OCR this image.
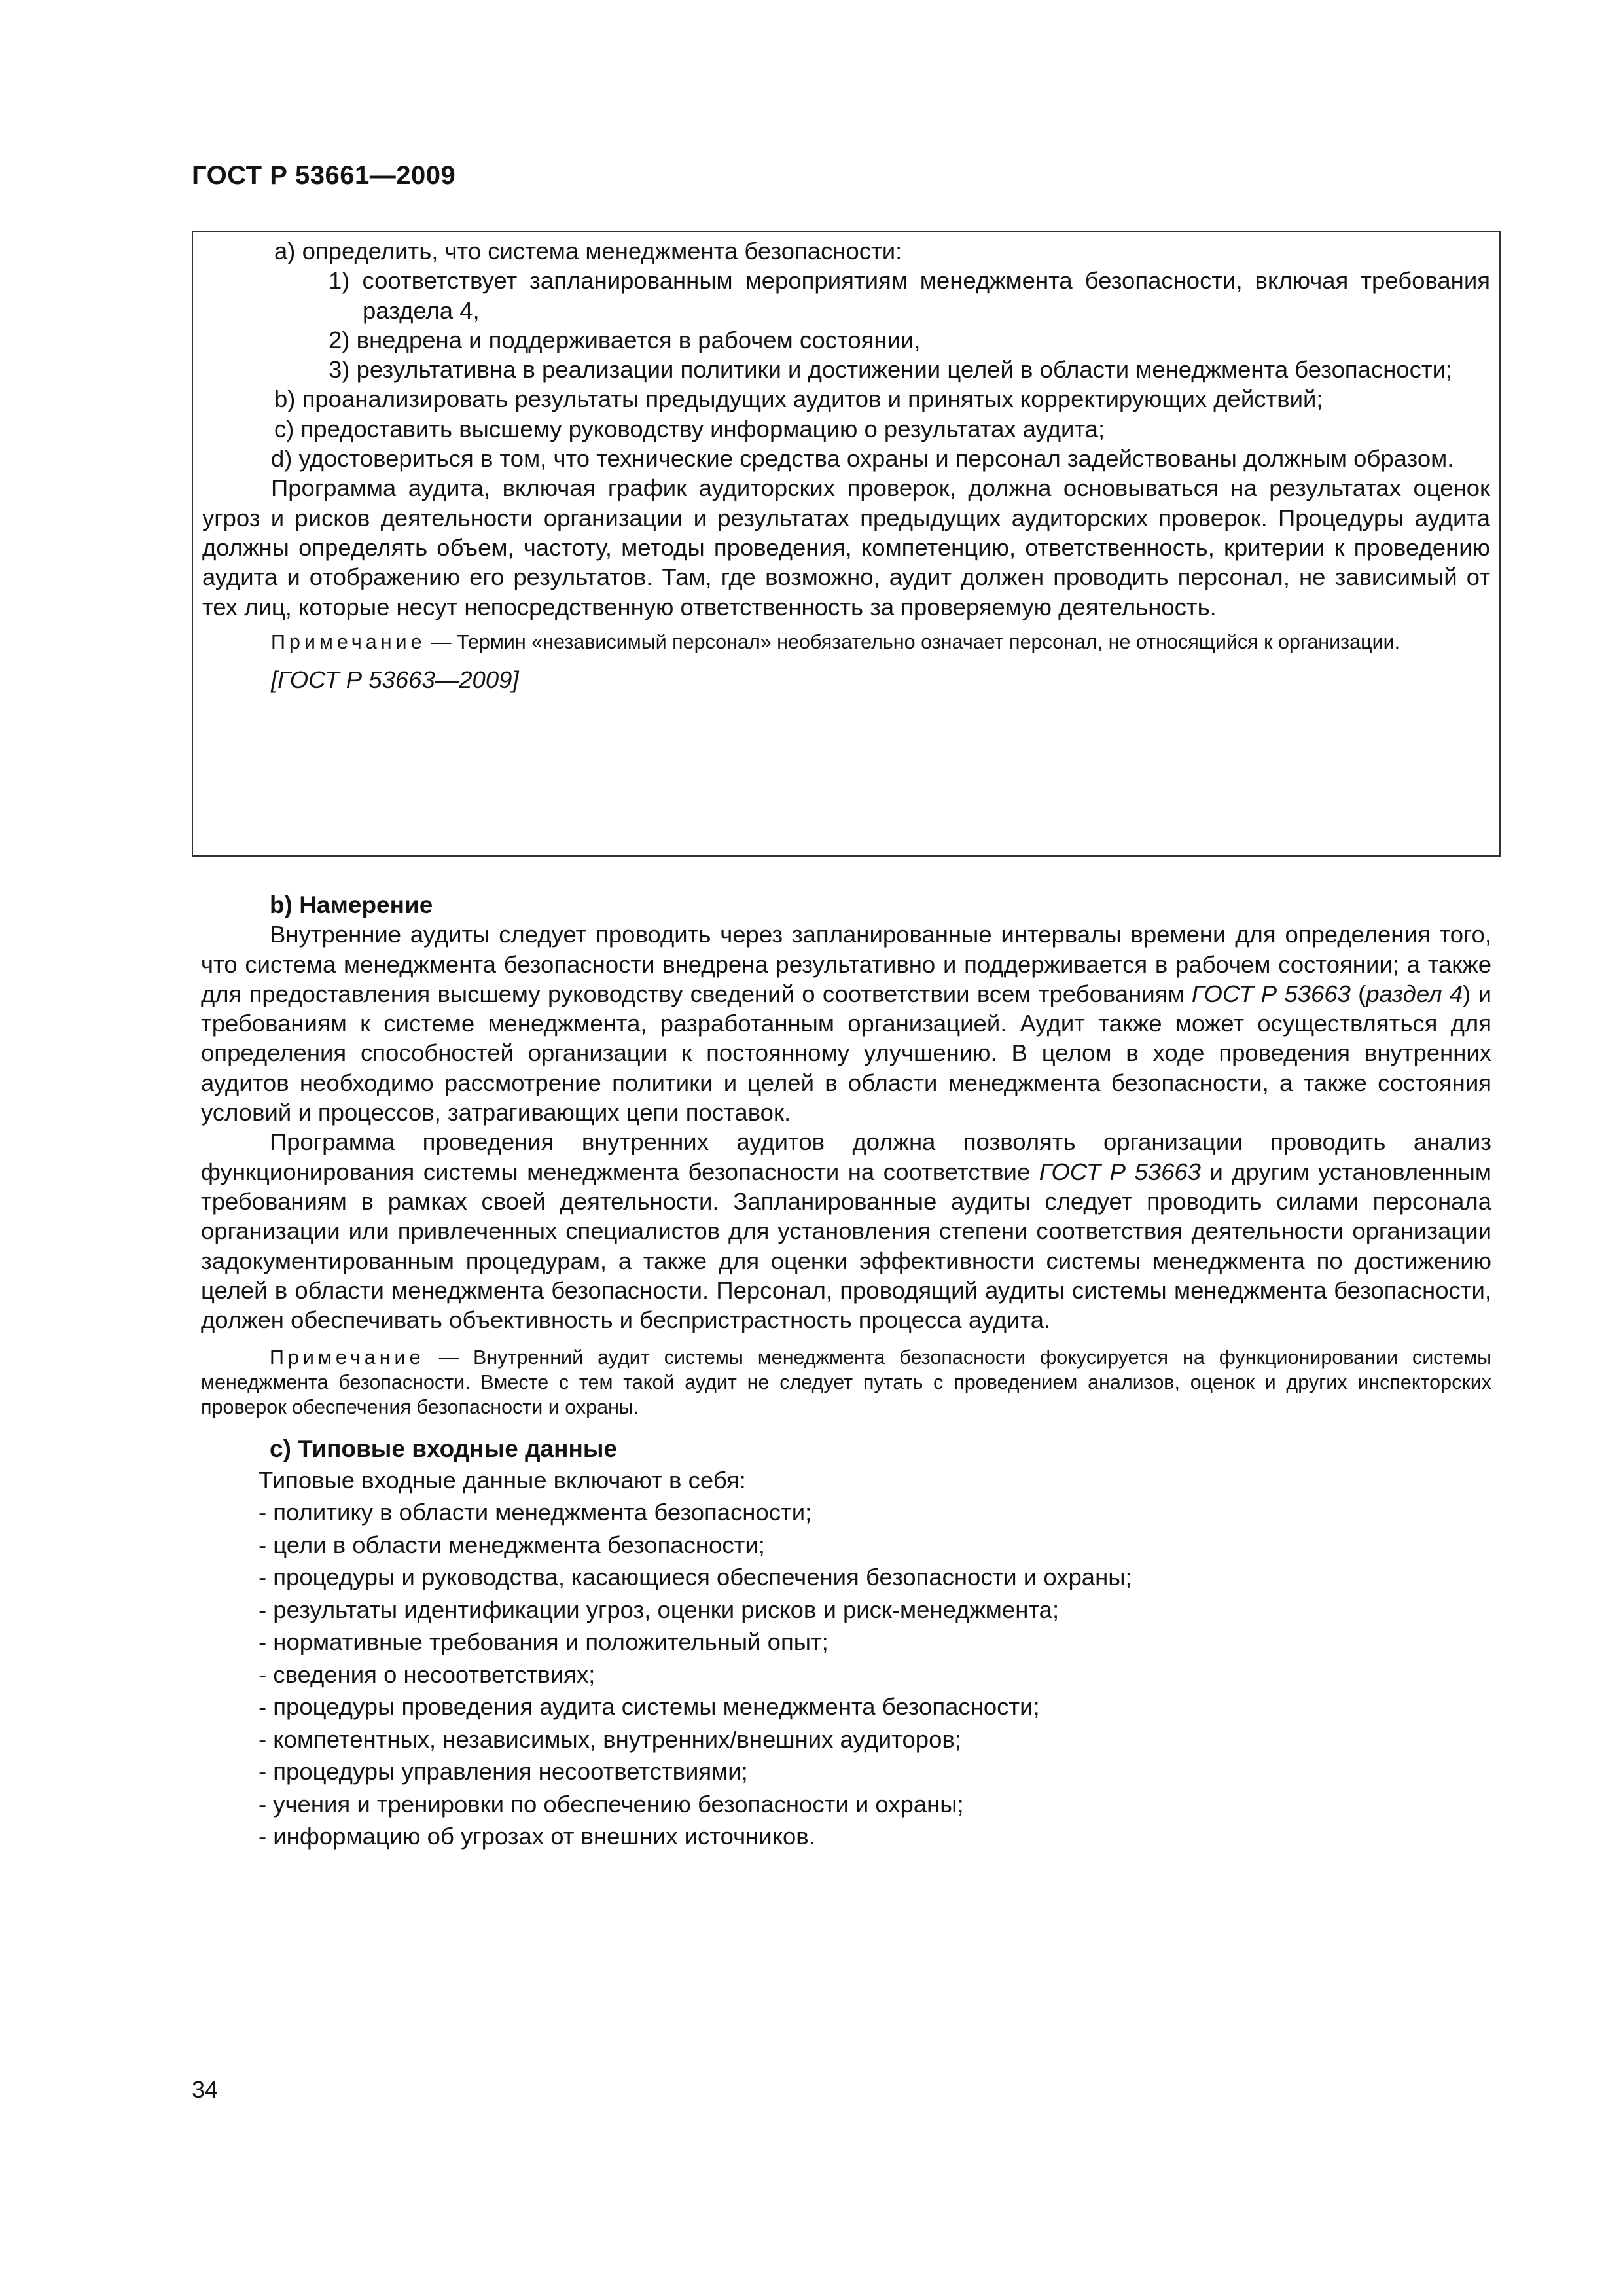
ГОСТ Р 53661—2009

a) определить, что система менеджмента безопасности:

1) соответствует запланированным мероприятиям менеджмента безопасности, включая требования раздела 4,

2) внедрена и поддерживается в рабочем состоянии,

3) результативна в реализации политики и достижении целей в области менеджмента безопасности;

b) проанализировать результаты предыдущих аудитов и принятых корректирующих действий;

c) предоставить высшему руководству информацию о результатах аудита;

d) удостовериться в том, что технические средства охраны и персонал задействованы должным образом.

Программа аудита, включая график аудиторских проверок, должна основываться на результатах оценок угроз и рисков деятельности организации и результатах предыдущих аудиторских проверок. Процедуры аудита должны определять объем, частоту, методы проведения, компетенцию, ответственность, критерии к проведению аудита и отображению его результатов. Там, где возможно, аудит должен проводить персонал, не зависимый от тех лиц, которые несут непосредственную ответственность за проверяемую деятельность.

Примечание — Термин «независимый персонал» необязательно означает персонал, не относящийся к организации.

[ГОСТ Р 53663—2009]

b) Намерение

Внутренние аудиты следует проводить через запланированные интервалы времени для определения того, что система менеджмента безопасности внедрена результативно и поддерживается в рабочем состоянии; а также для предоставления высшему руководству сведений о соответствии всем требованиям ГОСТ Р 53663 (раздел 4) и требованиям к системе менеджмента, разработанным организацией. Аудит также может осуществляться для определения способностей организации к постоянному улучшению. В целом в ходе проведения внутренних аудитов необходимо рассмотрение политики и целей в области менеджмента безопасности, а также состояния условий и процессов, затрагивающих цепи поставок.

Программа проведения внутренних аудитов должна позволять организации проводить анализ функционирования системы менеджмента безопасности на соответствие ГОСТ Р 53663 и другим установленным требованиям в рамках своей деятельности. Запланированные аудиты следует проводить силами персонала организации или привлеченных специалистов для установления степени соответствия деятельности организации задокументированным процедурам, а также для оценки эффективности системы менеджмента по достижению целей в области менеджмента безопасности. Персонал, проводящий аудиты системы менеджмента безопасности, должен обеспечивать объективность и беспристрастность процесса аудита.

Примечание — Внутренний аудит системы менеджмента безопасности фокусируется на функционировании системы менеджмента безопасности. Вместе с тем такой аудит не следует путать с проведением анализов, оценок и других инспекторских проверок обеспечения безопасности и охраны.

c) Типовые входные данные

Типовые входные данные включают в себя:

- политику в области менеджмента безопасности;

- цели в области менеджмента безопасности;

- процедуры и руководства, касающиеся обеспечения безопасности и охраны;

- результаты идентификации угроз, оценки рисков и риск-менеджмента;

- нормативные требования и положительный опыт;

- сведения о несоответствиях;

- процедуры проведения аудита системы менеджмента безопасности;

- компетентных, независимых, внутренних/внешних аудиторов;

- процедуры управления несоответствиями;

- учения и тренировки по обеспечению безопасности и охраны;

- информацию об угрозах от внешних источников.

34
